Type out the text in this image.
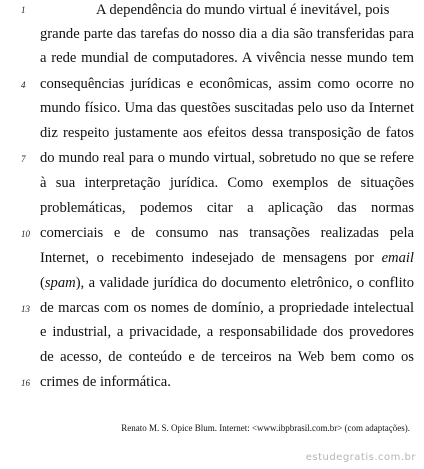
A dependência do mundo virtual é inevitável, pois
grande parte das tarefas do nosso dia a dia são transferidas para
a rede mundial de computadores. A vivência nesse mundo tem
consequências jurídicas e econômicas, assim como ocorre no
mundo físico. Uma das questões suscitadas pelo uso da Internet
diz respeito justamente aos efeitos dessa transposição de fatos
do mundo real para o mundo virtual, sobretudo no que se refere
à sua interpretação jurídica. Como exemplos de situações
problemáticas, podemos citar a aplicação das normas
comerciais e de consumo nas transações realizadas pela
Internet, o recebimento indesejado de mensagens por email
(spam), a validade jurídica do documento eletrônico, o conflito
de marcas com os nomes de domínio, a propriedade intelectual
e industrial, a privacidade, a responsabilidade dos provedores
de acesso, de conteúdo e de terceiros na Web bem como os
crimes de informática.
1
4
7
10
13
16
Renato M. S. Opice Blum. Internet: <www.ibpbrasil.com.br> (com adaptações).
estudegratis.com.br
